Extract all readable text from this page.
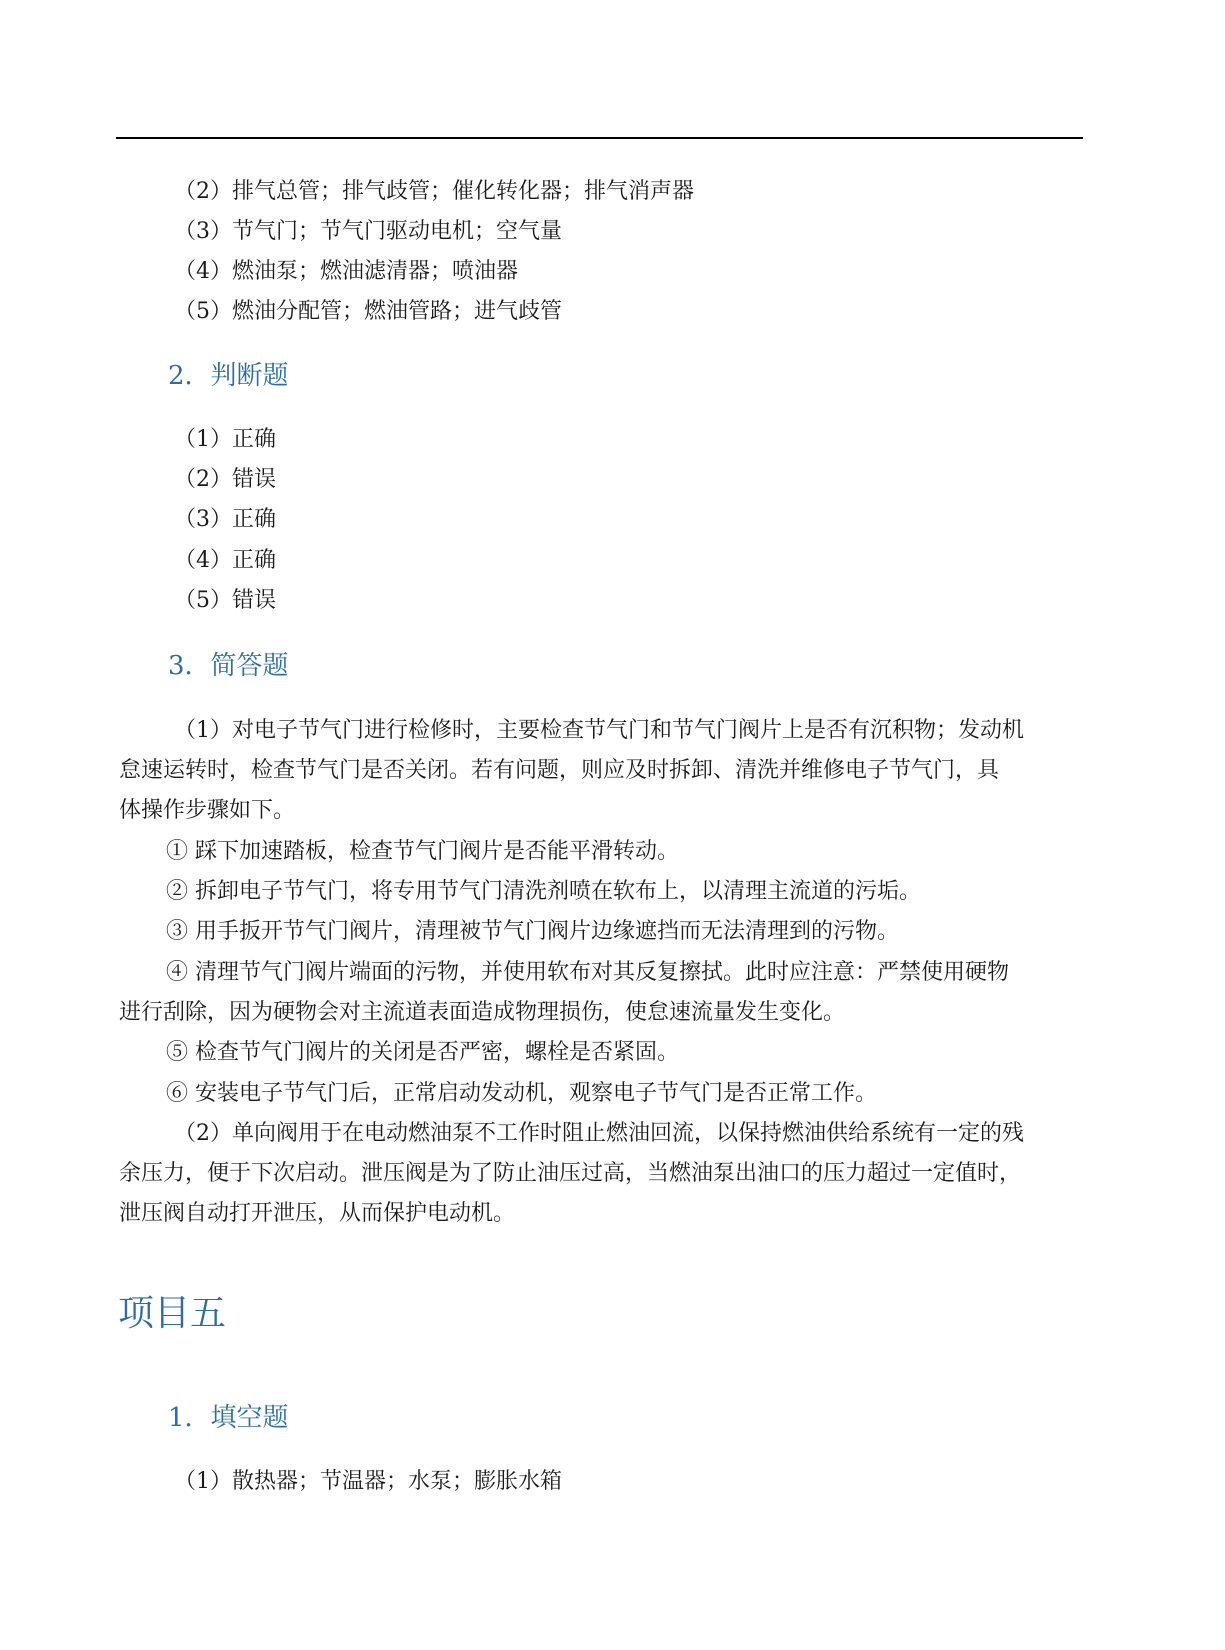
（2）排气总管；排气歧管；催化转化器；排气消声器
（3）节气门；节气门驱动电机；空气量
（4）燃油泵；燃油滤清器；喷油器
（5）燃油分配管；燃油管路；进气歧管
2．判断题
（1）正确
（2）错误
（3）正确
（4）正确
（5）错误
3．简答题
（1）对电子节气门进行检修时，主要检查节气门和节气门阀片上是否有沉积物；发动机
怠速运转时，检查节气门是否关闭。若有问题，则应及时拆卸、清洗并维修电子节气门，具
体操作步骤如下。
① 踩下加速踏板，检查节气门阀片是否能平滑转动。
② 拆卸电子节气门，将专用节气门清洗剂喷在软布上，以清理主流道的污垢。
③ 用手扳开节气门阀片，清理被节气门阀片边缘遮挡而无法清理到的污物。
④ 清理节气门阀片端面的污物，并使用软布对其反复擦拭。此时应注意：严禁使用硬物
进行刮除，因为硬物会对主流道表面造成物理损伤，使怠速流量发生变化。
⑤ 检查节气门阀片的关闭是否严密，螺栓是否紧固。
⑥ 安装电子节气门后，正常启动发动机，观察电子节气门是否正常工作。
（2）单向阀用于在电动燃油泵不工作时阻止燃油回流，以保持燃油供给系统有一定的残
余压力，便于下次启动。泄压阀是为了防止油压过高，当燃油泵出油口的压力超过一定值时，
泄压阀自动打开泄压，从而保护电动机。
项目五
1．填空题
（1）散热器；节温器；水泵；膨胀水箱
